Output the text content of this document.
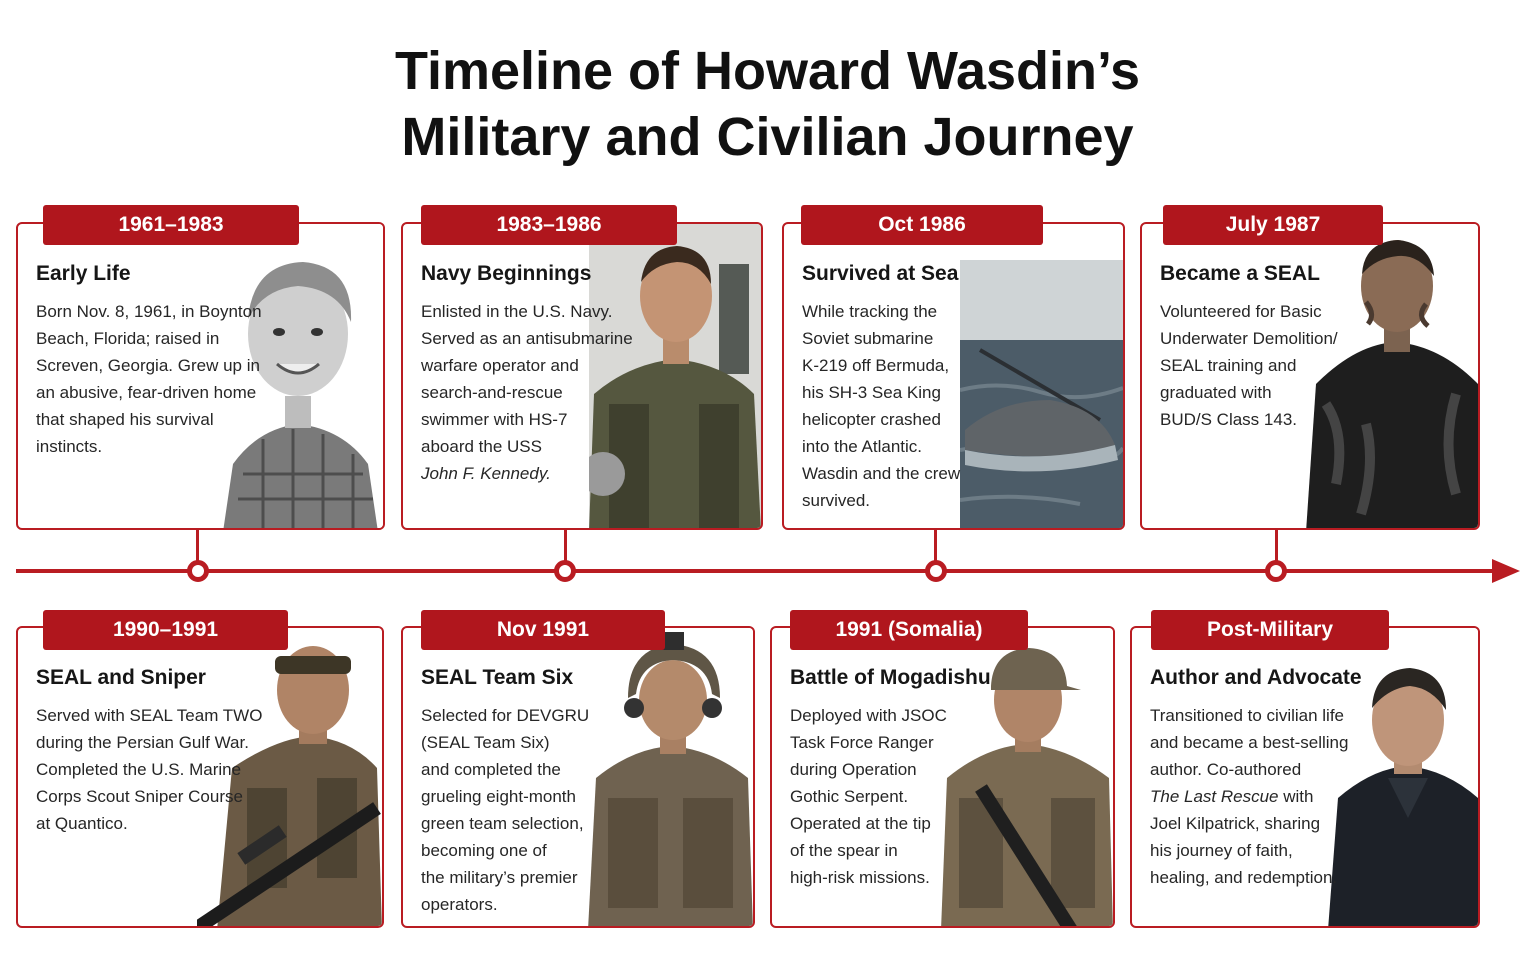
Timeline of Howard Wasdin’s
Military and Civilian Journey
Early Life
Born Nov. 8, 1961, in Boynton
Beach, Florida; raised in
Screven, Georgia. Grew up in
an abusive, fear-driven home
that shaped his survival
instincts.
1961–1983
Navy Beginnings
Enlisted in the U.S. Navy.
Served as an antisubmarine
warfare operator and
search-and-rescue
swimmer with HS-7
aboard the USS
John F. Kennedy.
1983–1986
Survived at Sea
While tracking the
Soviet submarine
K-219 off Bermuda,
his SH-3 Sea King
helicopter crashed
into the Atlantic.
Wasdin and the crew
survived.
Oct 1986
Became a SEAL
Volunteered for Basic
Underwater Demolition/
SEAL training and
graduated with
BUD/S Class 143.
July 1987
SEAL and Sniper
Served with SEAL Team TWO
during the Persian Gulf War.
Completed the U.S. Marine
Corps Scout Sniper Course
at Quantico.
1990–1991
SEAL Team Six
Selected for DEVGRU
(SEAL Team Six)
and completed the
grueling eight-month
green team selection,
becoming one of
the military’s premier
operators.
Nov 1991
Battle of Mogadishu
Deployed with JSOC
Task Force Ranger
during Operation
Gothic Serpent.
Operated at the tip
of the spear in
high-risk missions.
1991 (Somalia)
Author and Advocate
Transitioned to civilian life
and became a best-selling
author. Co-authored
The Last Rescue with
Joel Kilpatrick, sharing
his journey of faith,
healing, and redemption.
Post-Military
